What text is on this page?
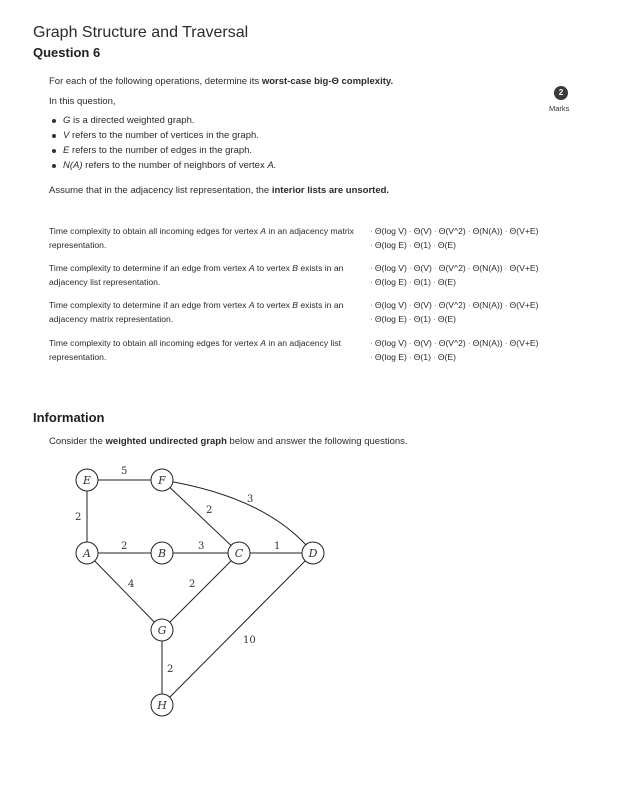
Graph Structure and Traversal
Question 6
2
Marks
For each of the following operations, determine its worst-case big-Θ complexity.
In this question,
G is a directed weighted graph.
V refers to the number of vertices in the graph.
E refers to the number of edges in the graph.
N(A) refers to the number of neighbors of vertex A.
Assume that in the adjacency list representation, the interior lists are unsorted.
Time complexity to obtain all incoming edges for vertex A in an adjacency matrix representation.
· Θ(log V) · Θ(V) · Θ(V^2) · Θ(N(A)) · Θ(V+E)
· Θ(log E) · Θ(1) · Θ(E)
Time complexity to determine if an edge from vertex A to vertex B exists in an adjacency list representation.
· Θ(log V) · Θ(V) · Θ(V^2) · Θ(N(A)) · Θ(V+E)
· Θ(log E) · Θ(1) · Θ(E)
Time complexity to determine if an edge from vertex A to vertex B exists in an adjacency matrix representation.
· Θ(log V) · Θ(V) · Θ(V^2) · Θ(N(A)) · Θ(V+E)
· Θ(log E) · Θ(1) · Θ(E)
Time complexity to obtain all incoming edges for vertex A in an adjacency list representation.
· Θ(log V) · Θ(V) · Θ(V^2) · Θ(N(A)) · Θ(V+E)
· Θ(log E) · Θ(1) · Θ(E)
Information
Consider the weighted undirected graph below and answer the following questions.
5
2
2	3
2
3
1
4	2
2
10
E	F
A	B	C	D
G
H
